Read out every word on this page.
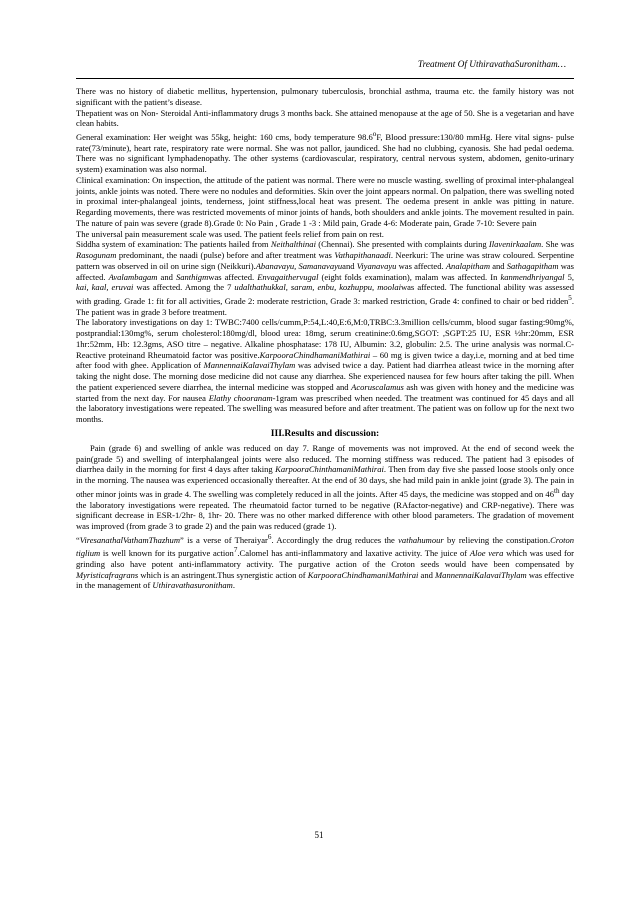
Treatment Of UthiravathaSuronitham…

There was no history of diabetic mellitus, hypertension, pulmonary tuberculosis, bronchial asthma, trauma etc. the family history was not significant with the patient’s disease.

Thepatient was on Non- Steroidal Anti-inflammatory drugs 3 months back. She attained menopause at the age of 50. She is a vegetarian and have clean habits.

General examination: Her weight was 55kg, height: 160 cms, body temperature 98.6$^o$F, Blood pressure:130/80 mmHg. Here vital signs- pulse rate(73/minute), heart rate, respiratory rate were normal. She was not pallor, jaundiced. She had no clubbing, cyanosis. She had pedal oedema. There was no significant lymphadenopathy. The other systems (cardiovascular, respiratory, central nervous system, abdomen, genito-urinary system) examination was also normal.

Clinical examination: On inspection, the attitude of the patient was normal. There were no muscle wasting. swelling of proximal inter-phalangeal joints, ankle joints was noted. There were no nodules and deformities. Skin over the joint appears normal. On palpation, there was swelling noted in proximal inter-phalangeal joints, tenderness, joint stiffness,local heat was present. The oedema present in ankle was pitting in nature. Regarding movements, there was restricted movements of minor joints of hands, both shoulders and ankle joints. The movement resulted in pain. The nature of pain was severe (grade 8).Grade 0: No Pain , Grade 1 -3 : Mild pain, Grade 4-6: Moderate pain, Grade 7-10: Severe pain

The universal pain measurement scale was used. The patient feels relief from pain on rest.

Siddha system of examination: The patients hailed from Neithalthinai (Chennai). She presented with complaints during Ilavenirkaalam. She was Rasogunam predominant, the naadi (pulse) before and after treatment was Vathapithanaadi. Neerkuri: The urine was straw coloured. Serpentine pattern was observed in oil on urine sign (Neikkuri).Abanavayu, Samanavayuand Viyanavayu was affected. Analapitham and Sathagapitham was affected. Avalambagam and Santhigmwas affected. Envagaithervugal (eight folds examination), malam was affected. In kanmendhriyangal 5, kai, kaal, eruvai was affected. Among the 7 udalthathukkal, saram, enbu, kozhuppu, moolaiwas affected. The functional ability was assessed with grading. Grade 1: fit for all activities, Grade 2: moderate restriction, Grade 3: marked restriction, Grade 4: confined to chair or bed ridden$^5$. The patient was in grade 3 before treatment.

The laboratory investigations on day 1: TWBC:7400 cells/cumm,P:54,L:40,E:6,M:0,TRBC:3.3million cells/cumm, blood sugar fasting:90mg%, postprandial:130mg%, serum cholesterol:180mg/dl, blood urea: 18mg, serum creatinine:0.6mg,SGOT: ,SGPT:25 IU, ESR ½hr:20mm, ESR 1hr:52mm, Hb: 12.3gms, ASO titre – negative. Alkaline phosphatase: 178 IU, Albumin: 3.2, globulin: 2.5. The urine analysis was normal.C-Reactive proteinand Rheumatoid factor was positive.KarpooraChindhamaniMathirai – 60 mg is given twice a day,i.e, morning and at bed time after food with ghee. Application of MannennaiKalavaiThylam was advised twice a day. Patient had diarrhea atleast twice in the morning after taking the night dose. The morning dose medicine did not cause any diarrhea. She experienced nausea for few hours after taking the pill. When the patient experienced severe diarrhea, the internal medicine was stopped and Acoruscalamus ash was given with honey and the medicine was started from the next day. For nausea Elathy chooranam-1gram was prescribed when needed. The treatment was continued for 45 days and all the laboratory investigations were repeated. The swelling was measured before and after treatment. The patient was on follow up for the next two months.

III.Results and discussion:

Pain (grade 6) and swelling of ankle was reduced on day 7. Range of movements was not improved. At the end of second week the pain(grade 5) and swelling of interphalangeal joints were also reduced. The morning stiffness was reduced. The patient had 3 episodes of diarrhea daily in the morning for first 4 days after taking KarpooraChinthamaniMathirai. Then from day five she passed loose stools only once in the morning. The nausea was experienced occasionally thereafter. At the end of 30 days, she had mild pain in ankle joint (grade 3). The pain in other minor joints was in grade 4. The swelling was completely reduced in all the joints. After 45 days, the medicine was stopped and on 46th day the laboratory investigations were repeated. The rheumatoid factor turned to be negative (RAfactor-negative) and CRP-negative). There was significant decrease in ESR-1/2hr- 8, 1hr- 20. There was no other marked difference with other blood parameters. The gradation of movement was improved (from grade 3 to grade 2) and the pain was reduced (grade 1).

“ViresanathalVathamThazhum” is a verse of Theraiyar$^6$. Accordingly the drug reduces the vathahumour by relieving the constipation.Croton tiglium is well known for its purgative action$^7$.Calomel has anti-inflammatory and laxative activity. The juice of Aloe vera which was used for grinding also have potent anti-inflammatory activity. The purgative action of the Croton seeds would have been compensated by Myristicafragrans which is an astringent.Thus synergistic action of KarpooraChindhamaniMathirai and MannennaiKalavaiThylam was effective in the management of Uthiravathasuronitham.

51
